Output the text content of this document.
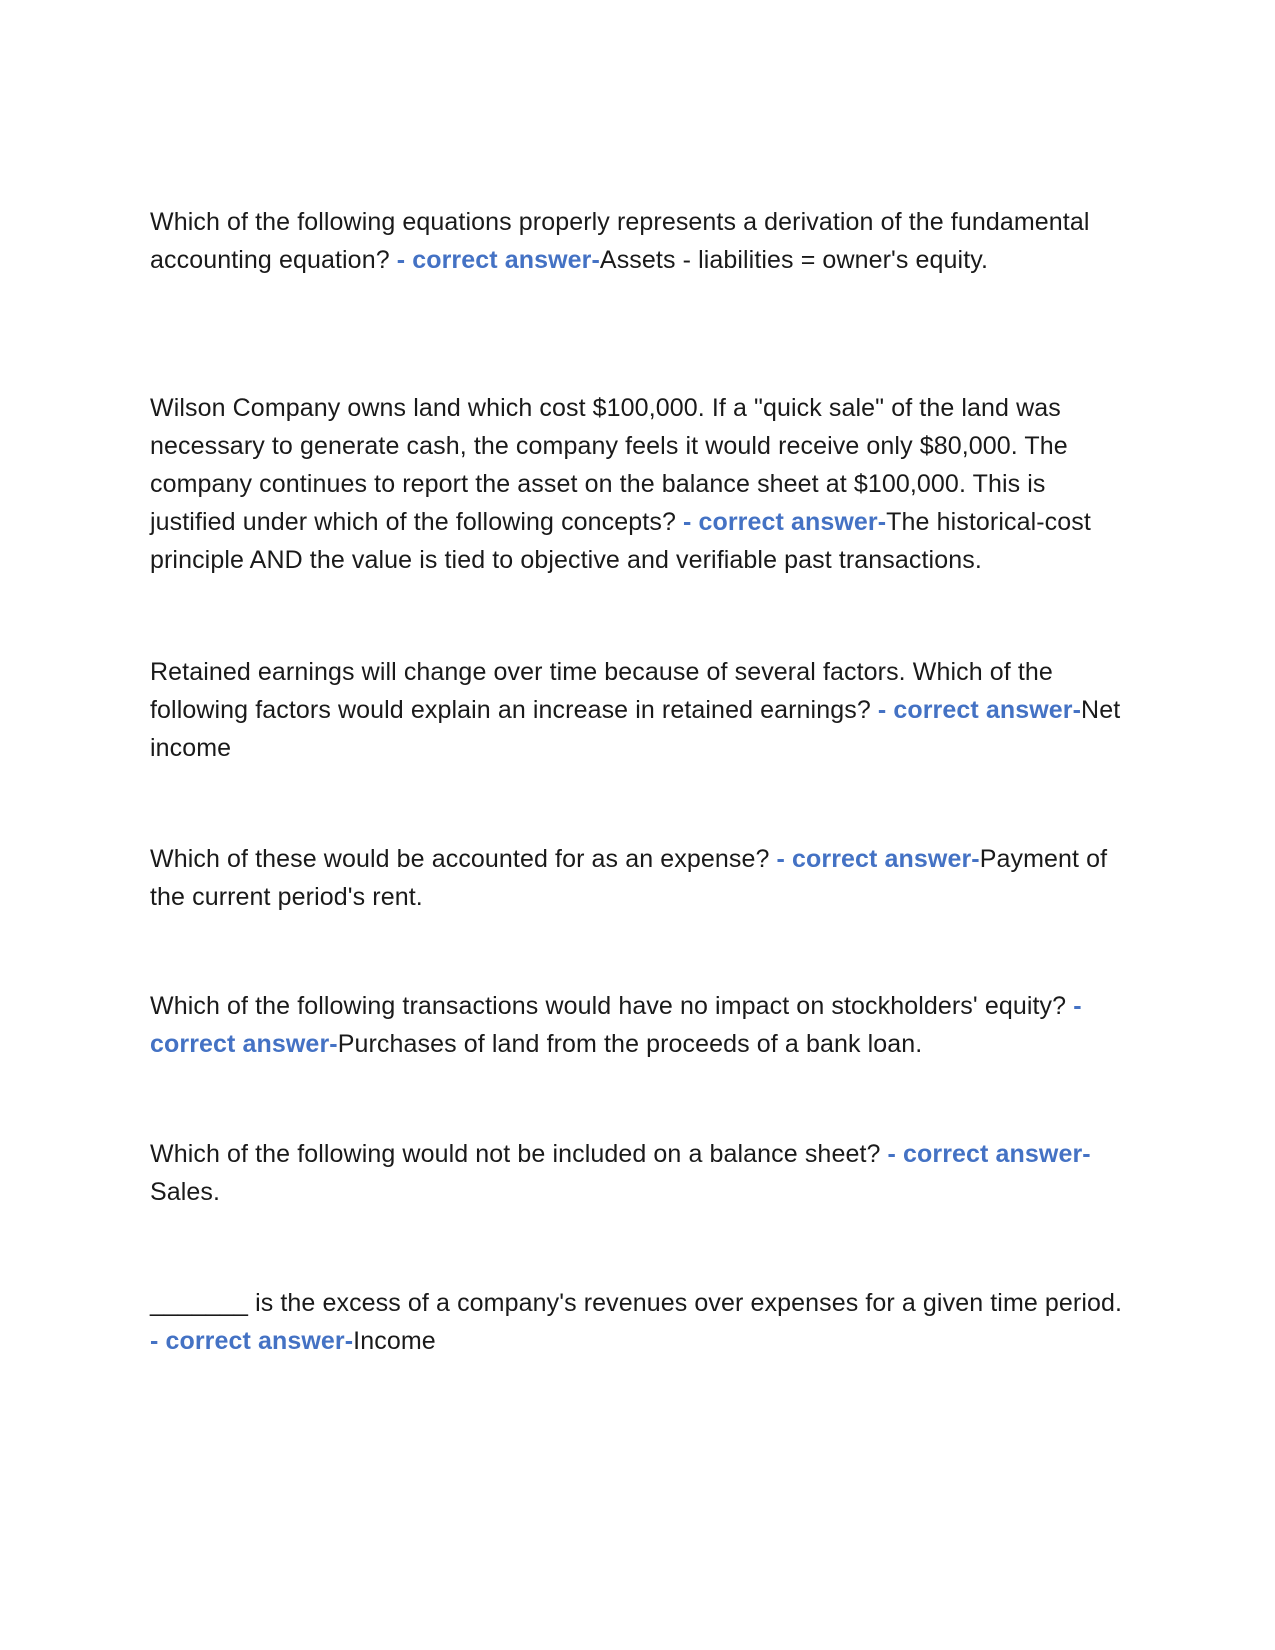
Which of the following equations properly represents a derivation of the fundamental accounting equation? - correct answer-Assets - liabilities = owner's equity.

Wilson Company owns land which cost $100,000. If a "quick sale" of the land was necessary to generate cash, the company feels it would receive only $80,000. The company continues to report the asset on the balance sheet at $100,000. This is justified under which of the following concepts? - correct answer-The historical-cost principle AND the value is tied to objective and verifiable past transactions.

Retained earnings will change over time because of several factors. Which of the following factors would explain an increase in retained earnings? - correct answer-Net income

Which of these would be accounted for as an expense? - correct answer-Payment of the current period's rent.

Which of the following transactions would have no impact on stockholders' equity? - correct answer-Purchases of land from the proceeds of a bank loan.

Which of the following would not be included on a balance sheet? - correct answer-Sales.

_______ is the excess of a company's revenues over expenses for a given time period. - correct answer-Income
